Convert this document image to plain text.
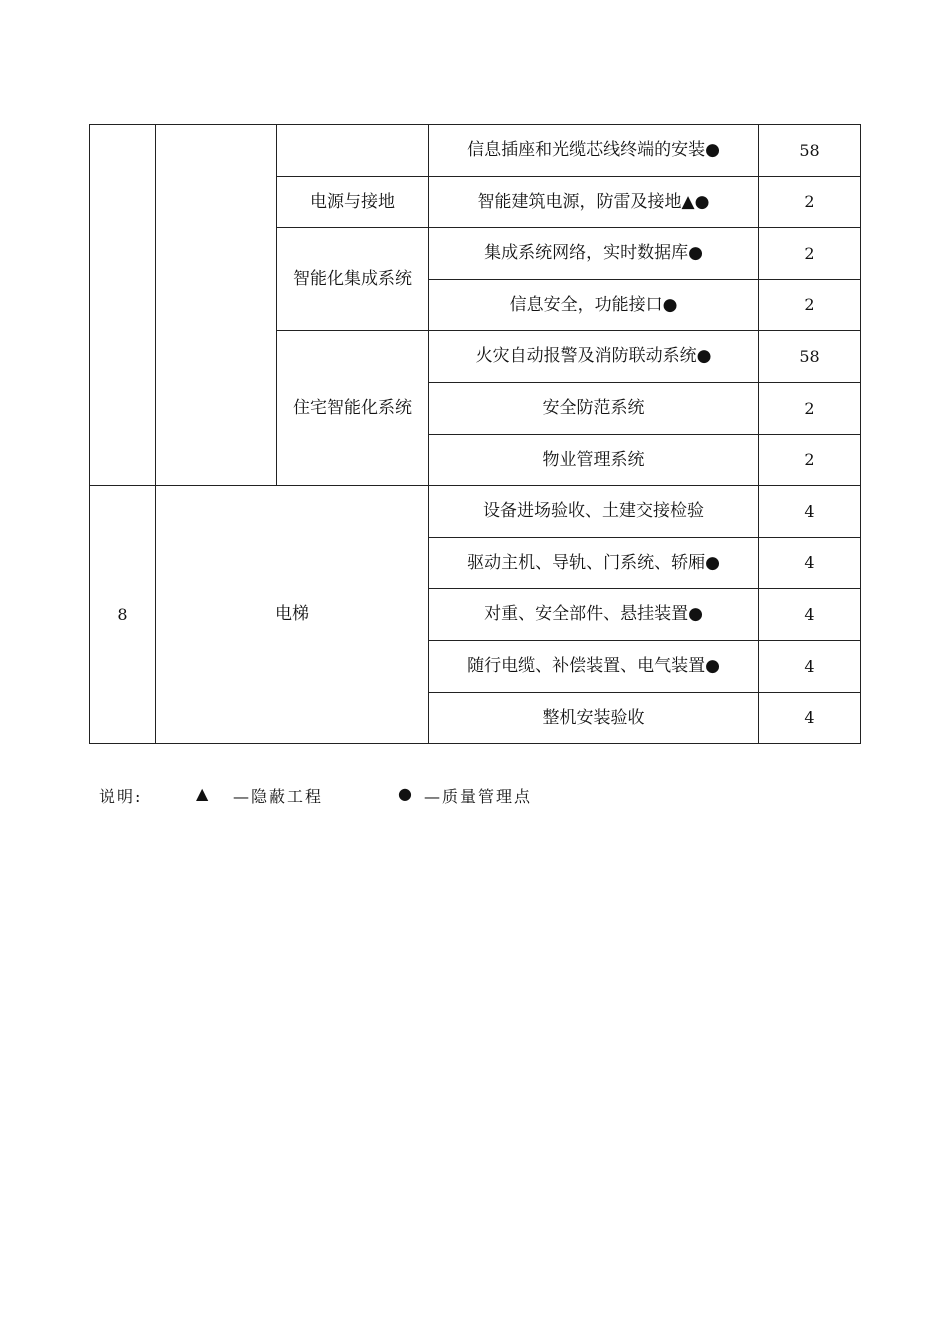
			信息插座和光缆芯线终端的安装●	58
		电源与接地	智能建筑电源，防雷及接地▲●	2
		智能化集成系统	集成系统网络，实时数据库●	2
			信息安全，功能接口●	2
		住宅智能化系统	火灾自动报警及消防联动系统●	58
			安全防范系统	2
			物业管理系统	2
8	电梯		设备进场验收、土建交接检验	4
			驱动主机、导轨、门系统、轿厢●	4
			对重、安全部件、悬挂装置●	4
			随行电缆、补偿装置、电气装置●	4
			整机安装验收	4
说明:	▲ —隐蔽工程	● —质量管理点
